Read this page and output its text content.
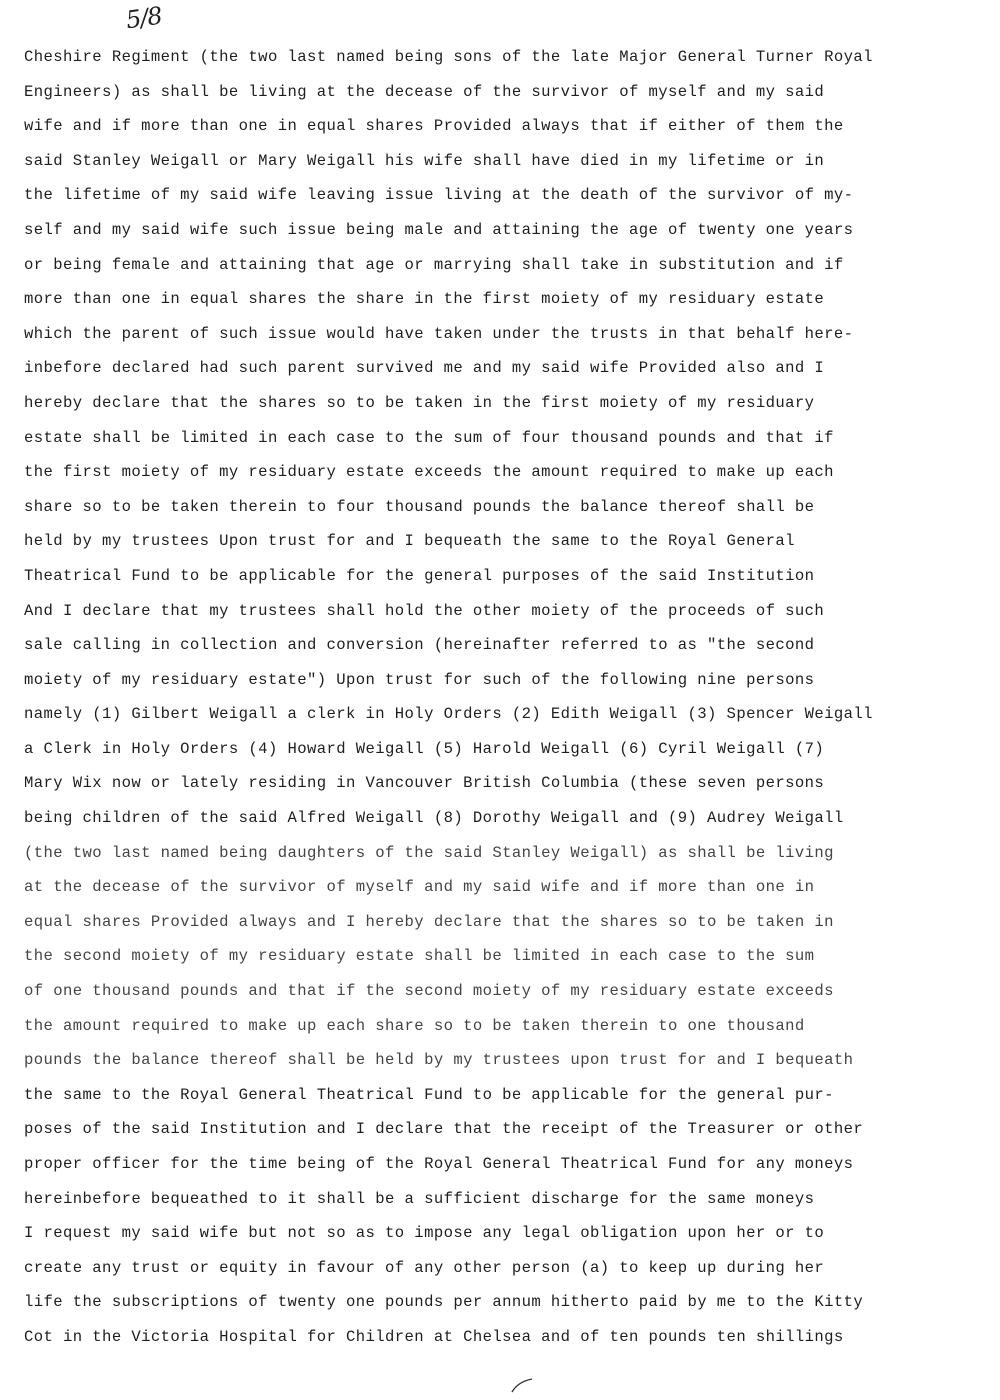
5/8
Cheshire Regiment (the two last named being sons of the late Major General Turner Royal
Engineers) as shall be living at the decease of the survivor of myself and my said
wife and if more than one in equal shares Provided always that if either of them the
said Stanley Weigall or Mary Weigall his wife shall have died in my lifetime or in
the lifetime of my said wife leaving issue living at the death of the survivor of my-
self and my said wife such issue being male and attaining the age of twenty one years
or being female and attaining that age or marrying shall take in substitution and if
more than one in equal shares the share in the first moiety of my residuary estate
which the parent of such issue would have taken under the trusts in that behalf here-
inbefore declared had such parent survived me and my said wife Provided also and I
hereby declare that the shares so to be taken in the first moiety of my residuary
estate shall be limited in each case to the sum of four thousand pounds and that if
the first moiety of my residuary estate exceeds the amount required to make up each
share so to be taken therein to four thousand pounds the balance thereof shall be
held by my trustees Upon trust for and I bequeath the same to the Royal General
Theatrical Fund to be applicable for the general purposes of the said Institution
And I declare that my trustees shall hold the other moiety of the proceeds of such
sale calling in collection and conversion (hereinafter referred to as "the second
moiety of my residuary estate") Upon trust for such of the following nine persons
namely (1) Gilbert Weigall a clerk in Holy Orders (2) Edith Weigall (3) Spencer Weigall
a Clerk in Holy Orders (4) Howard Weigall (5) Harold Weigall (6) Cyril Weigall (7)
Mary Wix now or lately residing in Vancouver British Columbia (these seven persons
being children of the said Alfred Weigall (8) Dorothy Weigall and (9) Audrey Weigall
(the two last named being daughters of the said Stanley Weigall) as shall be living
at the decease of the survivor of myself and my said wife and if more than one in
equal shares Provided always and I hereby declare that the shares so to be taken in
the second moiety of my residuary estate shall be limited in each case to the sum
of one thousand pounds and that if the second moiety of my residuary estate exceeds
the amount required to make up each share so to be taken therein to one thousand
pounds the balance thereof shall be held by my trustees upon trust for and I bequeath
the same to the Royal General Theatrical Fund to be applicable for the general pur-
poses of the said Institution and I declare that the receipt of the Treasurer or other
proper officer for the time being of the Royal General Theatrical Fund for any moneys
hereinbefore bequeathed to it shall be a sufficient discharge for the same moneys
I request my said wife but not so as to impose any legal obligation upon her or to
create any trust or equity in favour of any other person (a) to keep up during her
life the subscriptions of twenty one pounds per annum hitherto paid by me to the Kitty
Cot in the Victoria Hospital for Children at Chelsea and of ten pounds ten shillings
